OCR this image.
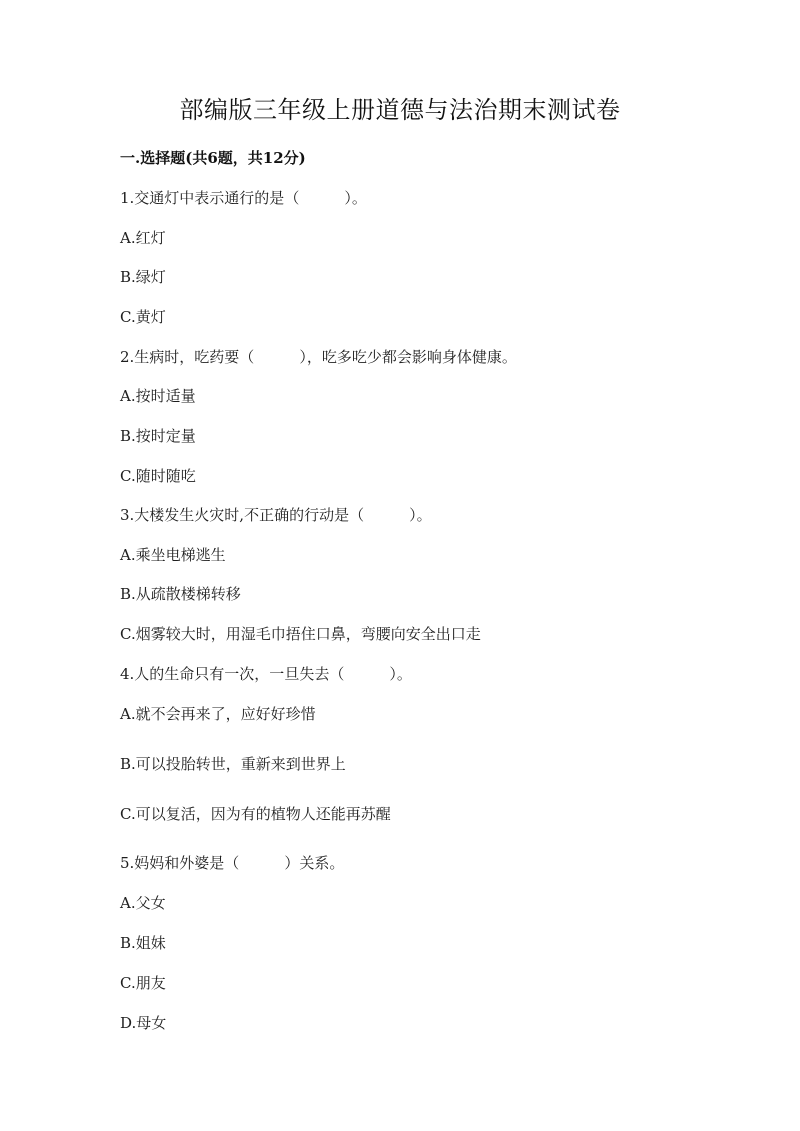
部编版三年级上册道德与法治期末测试卷
一.选择题(共6题，共12分)
1.交通灯中表示通行的是（　　　）。
A.红灯
B.绿灯
C.黄灯
2.生病时，吃药要（　　　），吃多吃少都会影响身体健康。
A.按时适量
B.按时定量
C.随时随吃
3.大楼发生火灾时,不正确的行动是（　　　）。
A.乘坐电梯逃生
B.从疏散楼梯转移
C.烟雾较大时，用湿毛巾捂住口鼻，弯腰向安全出口走
4.人的生命只有一次，一旦失去（　　　）。
A.就不会再来了，应好好珍惜
B.可以投胎转世，重新来到世界上
C.可以复活，因为有的植物人还能再苏醒
5.妈妈和外婆是（　　　）关系。
A.父女
B.姐妹
C.朋友
D.母女
